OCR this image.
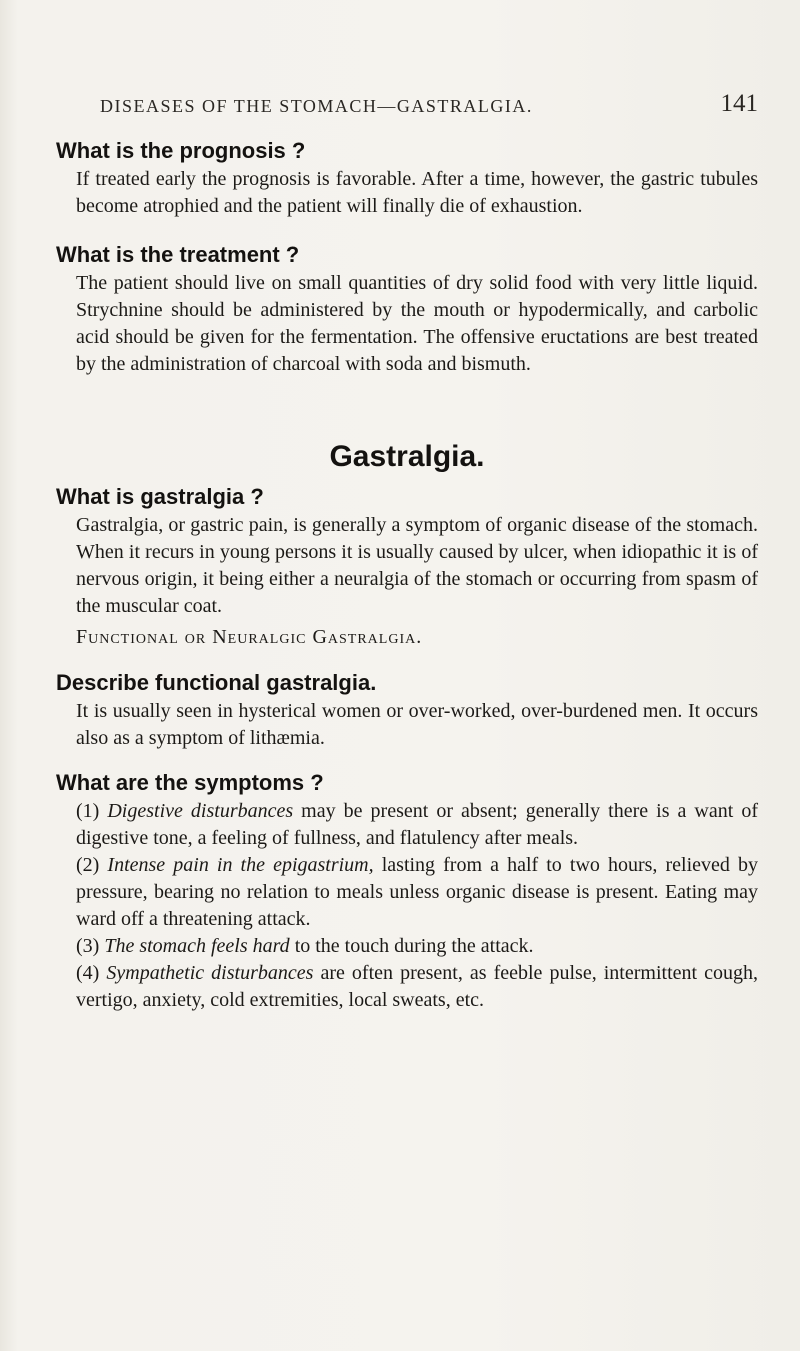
DISEASES OF THE STOMACH—GASTRALGIA.	141

What is the prognosis ?

If treated early the prognosis is favorable. After a time, however, the gastric tubules become atrophied and the patient will finally die of exhaustion.

What is the treatment ?

The patient should live on small quantities of dry solid food with very little liquid. Strychnine should be administered by the mouth or hypodermically, and carbolic acid should be given for the fermentation. The offensive eructations are best treated by the administration of charcoal with soda and bismuth.

Gastralgia.

What is gastralgia ?

Gastralgia, or gastric pain, is generally a symptom of organic disease of the stomach. When it recurs in young persons it is usually caused by ulcer, when idiopathic it is of nervous origin, it being either a neuralgia of the stomach or occurring from spasm of the muscular coat.

Functional or Neuralgic Gastralgia.

Describe functional gastralgia.

It is usually seen in hysterical women or over-worked, over-burdened men. It occurs also as a symptom of lithæmia.

What are the symptoms ?

(1) Digestive disturbances may be present or absent; generally there is a want of digestive tone, a feeling of fullness, and flatulency after meals.

(2) Intense pain in the epigastrium, lasting from a half to two hours, relieved by pressure, bearing no relation to meals unless organic disease is present. Eating may ward off a threatening attack.

(3) The stomach feels hard to the touch during the attack.

(4) Sympathetic disturbances are often present, as feeble pulse, intermittent cough, vertigo, anxiety, cold extremities, local sweats, etc.
